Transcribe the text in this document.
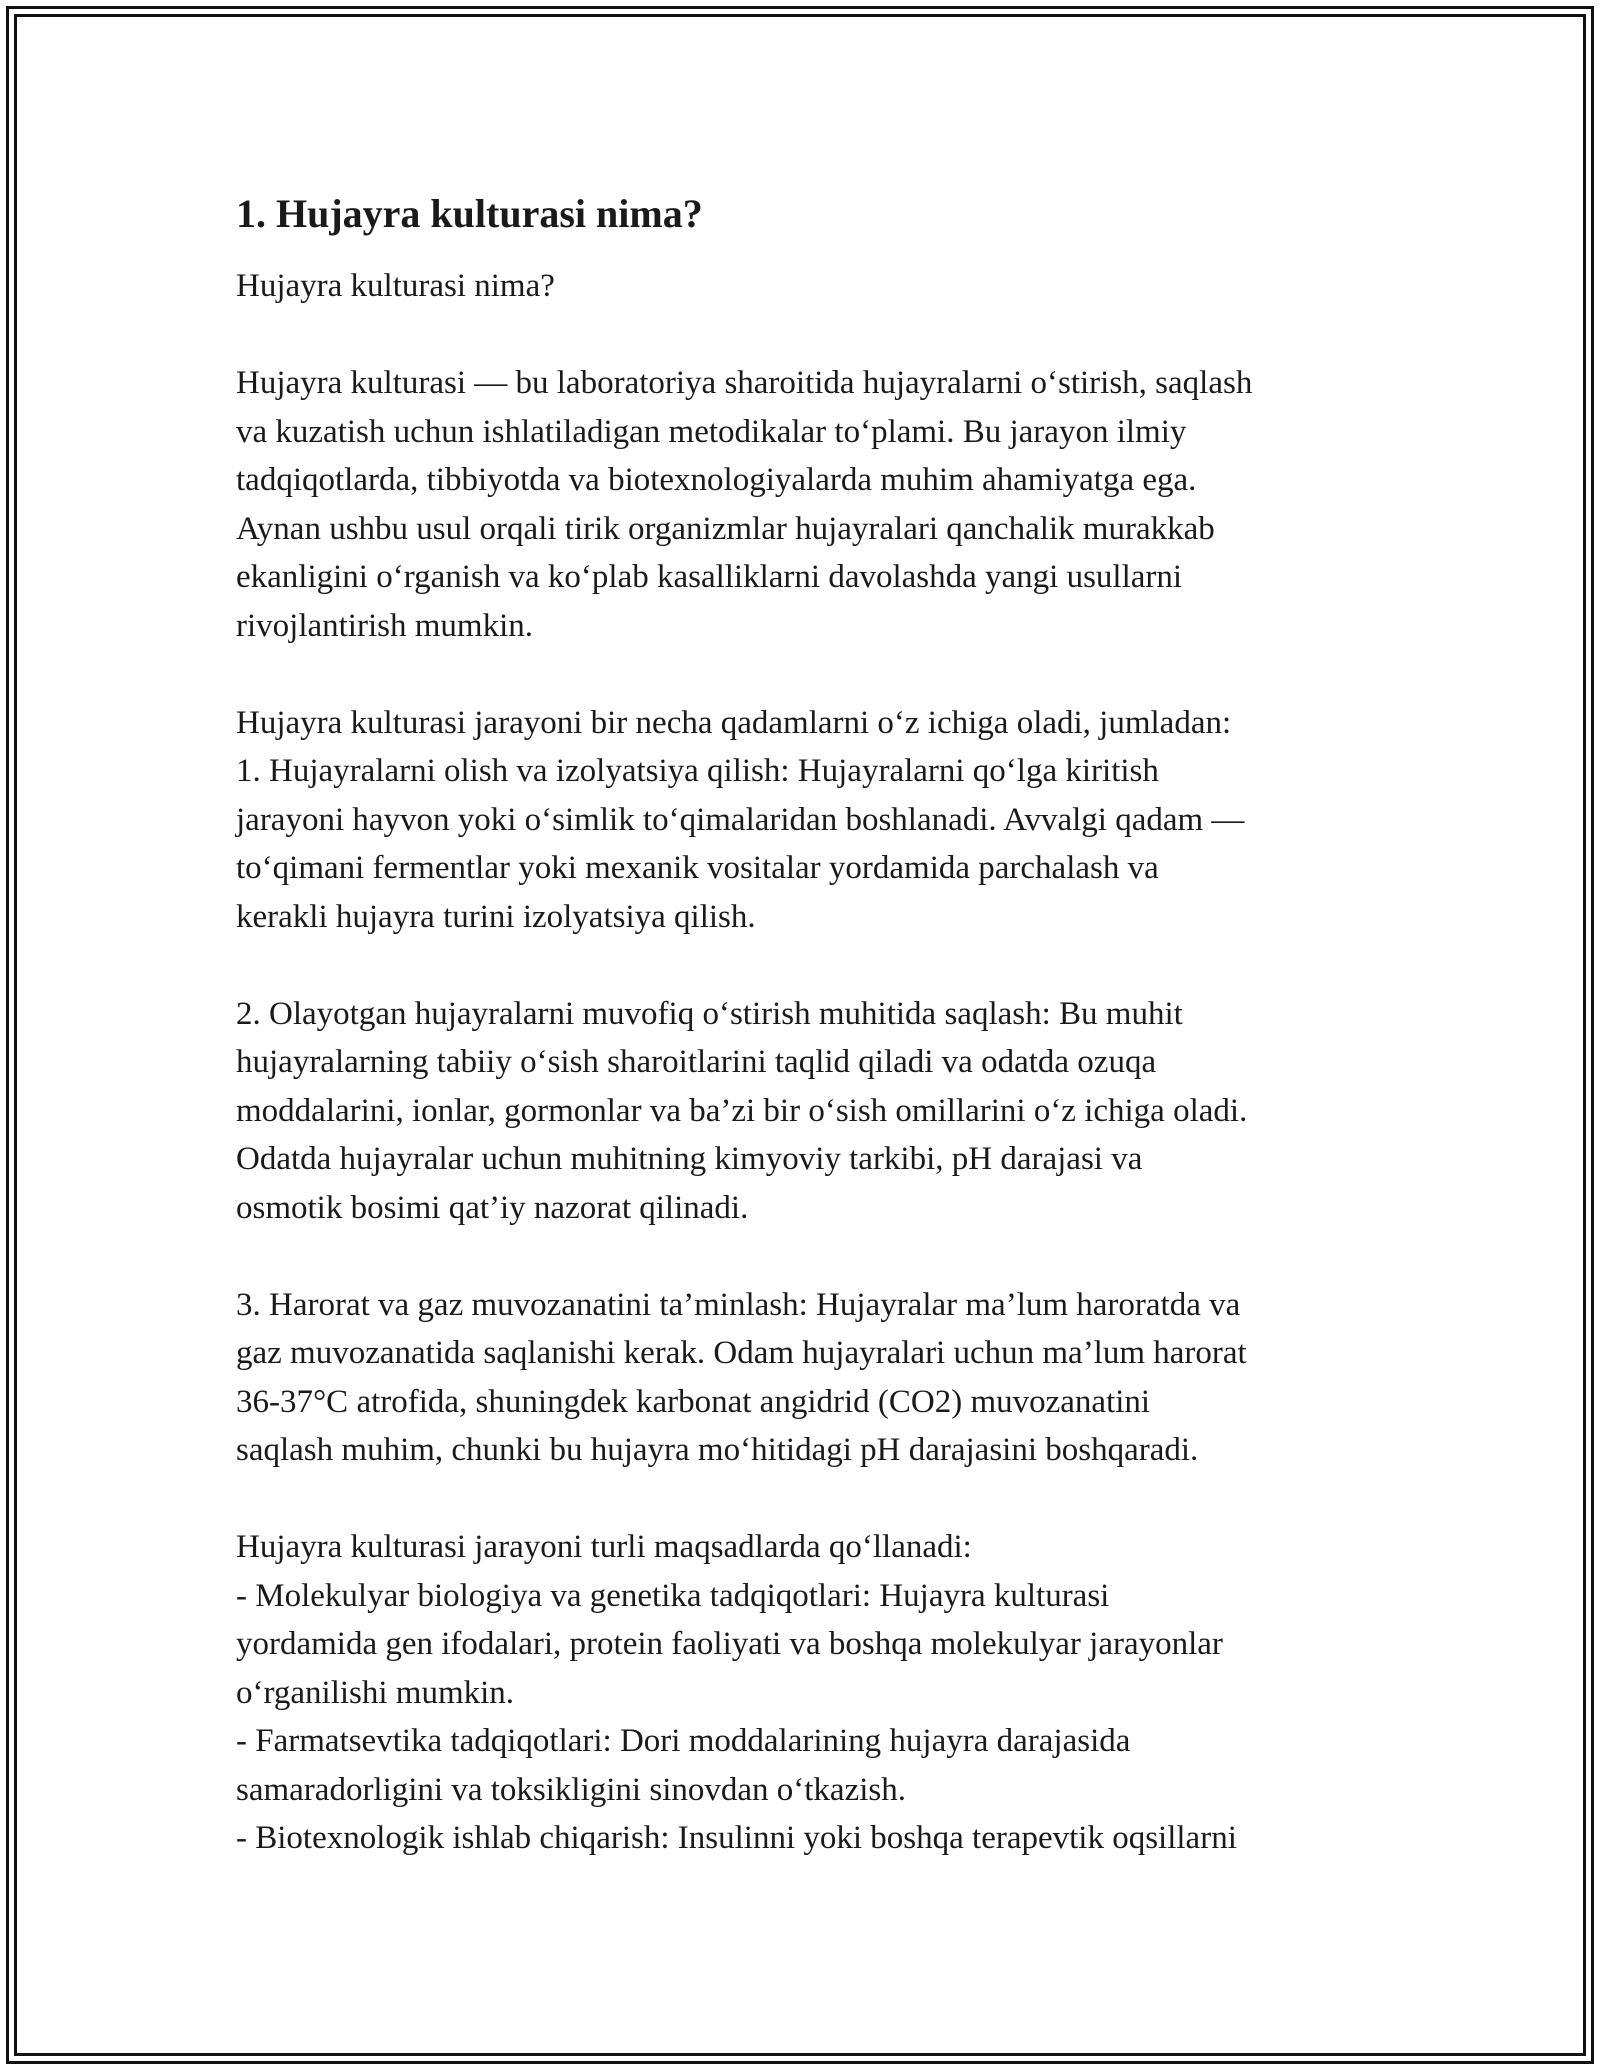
1. Hujayra kulturasi nima?

Hujayra kulturasi nima?

Hujayra kulturasi — bu laboratoriya sharoitida hujayralarni o‘stirish, saqlash
va kuzatish uchun ishlatiladigan metodikalar to‘plami. Bu jarayon ilmiy
tadqiqotlarda, tibbiyotda va biotexnologiyalarda muhim ahamiyatga ega.
Aynan ushbu usul orqali tirik organizmlar hujayralari qanchalik murakkab
ekanligini o‘rganish va ko‘plab kasalliklarni davolashda yangi usullarni
rivojlantirish mumkin.

Hujayra kulturasi jarayoni bir necha qadamlarni o‘z ichiga oladi, jumladan:
1. Hujayralarni olish va izolyatsiya qilish: Hujayralarni qo‘lga kiritish
jarayoni hayvon yoki o‘simlik to‘qimalaridan boshlanadi. Avvalgi qadam —
to‘qimani fermentlar yoki mexanik vositalar yordamida parchalash va
kerakli hujayra turini izolyatsiya qilish.

2. Olayotgan hujayralarni muvofiq o‘stirish muhitida saqlash: Bu muhit
hujayralarning tabiiy o‘sish sharoitlarini taqlid qiladi va odatda ozuqa
moddalarini, ionlar, gormonlar va ba’zi bir o‘sish omillarini o‘z ichiga oladi.
Odatda hujayralar uchun muhitning kimyoviy tarkibi, pH darajasi va
osmotik bosimi qat’iy nazorat qilinadi.

3. Harorat va gaz muvozanatini ta’minlash: Hujayralar ma’lum haroratda va
gaz muvozanatida saqlanishi kerak. Odam hujayralari uchun ma’lum harorat
36-37°C atrofida, shuningdek karbonat angidrid (CO2) muvozanatini
saqlash muhim, chunki bu hujayra mo‘hitidagi pH darajasini boshqaradi.

Hujayra kulturasi jarayoni turli maqsadlarda qo‘llanadi:
- Molekulyar biologiya va genetika tadqiqotlari: Hujayra kulturasi
yordamida gen ifodalari, protein faoliyati va boshqa molekulyar jarayonlar
o‘rganilishi mumkin.
- Farmatsevtika tadqiqotlari: Dori moddalarining hujayra darajasida
samaradorligini va toksikligini sinovdan o‘tkazish.
- Biotexnologik ishlab chiqarish: Insulinni yoki boshqa terapevtik oqsillarni
